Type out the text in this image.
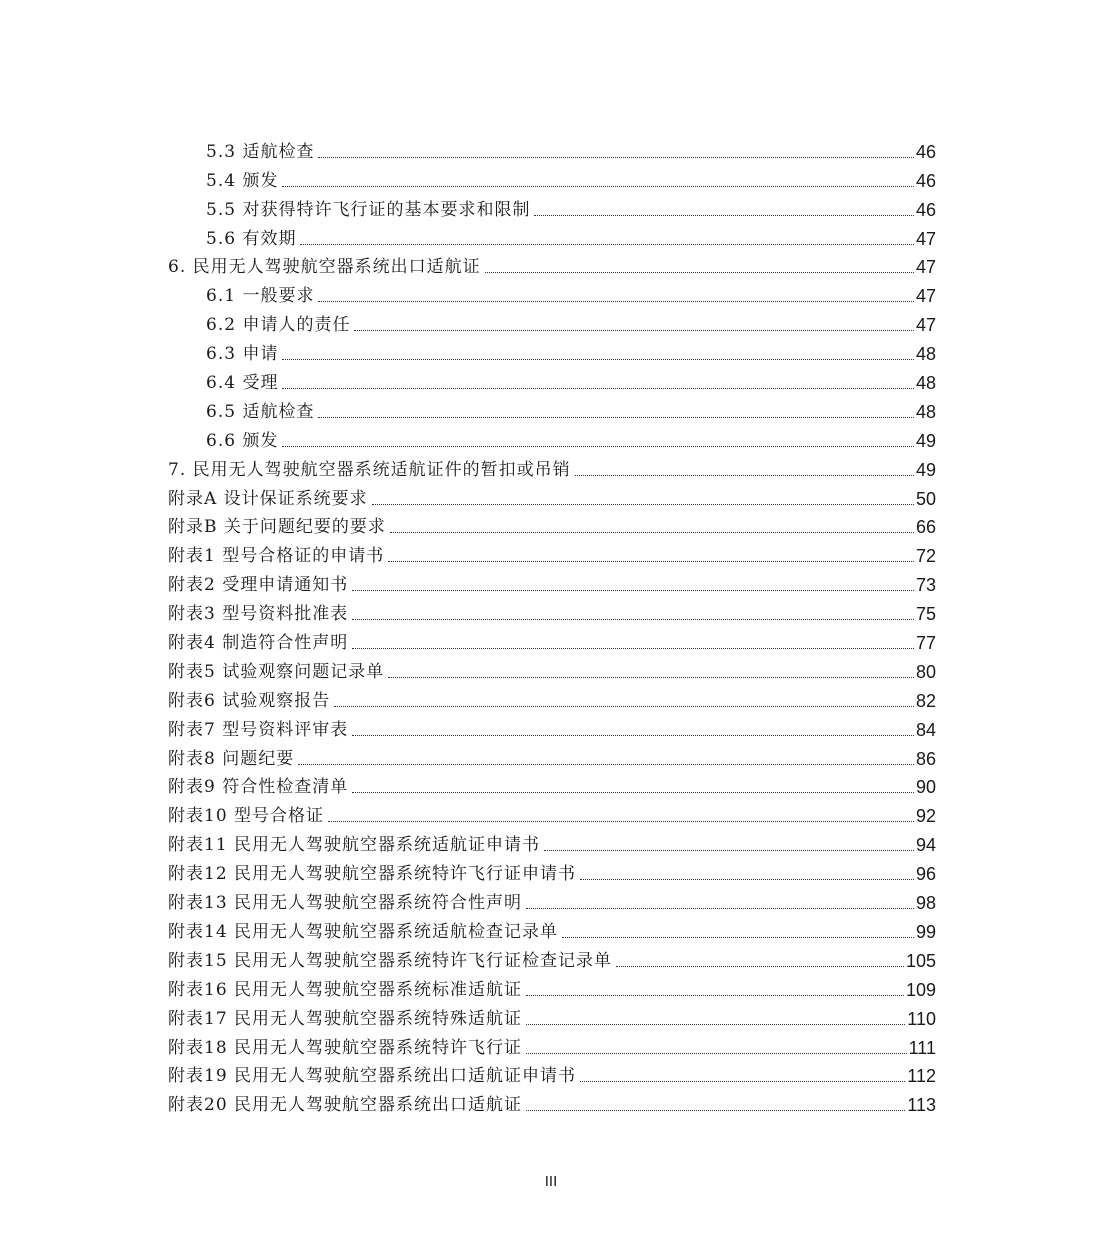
5.3 适航检查	46
5.4 颁发	46
5.5 对获得特许飞行证的基本要求和限制	46
5.6 有效期	47
6. 民用无人驾驶航空器系统出口适航证	47
6.1 一般要求	47
6.2 申请人的责任	47
6.3 申请	48
6.4 受理	48
6.5 适航检查	48
6.6 颁发	49
7. 民用无人驾驶航空器系统适航证件的暂扣或吊销	49
附录A 设计保证系统要求	50
附录B 关于问题纪要的要求	66
附表1 型号合格证的申请书	72
附表2 受理申请通知书	73
附表3 型号资料批准表	75
附表4 制造符合性声明	77
附表5 试验观察问题记录单	80
附表6 试验观察报告	82
附表7 型号资料评审表	84
附表8 问题纪要	86
附表9 符合性检查清单	90
附表10 型号合格证	92
附表11 民用无人驾驶航空器系统适航证申请书	94
附表12 民用无人驾驶航空器系统特许飞行证申请书	96
附表13 民用无人驾驶航空器系统符合性声明	98
附表14 民用无人驾驶航空器系统适航检查记录单	99
附表15 民用无人驾驶航空器系统特许飞行证检查记录单	105
附表16 民用无人驾驶航空器系统标准适航证	109
附表17 民用无人驾驶航空器系统特殊适航证	110
附表18 民用无人驾驶航空器系统特许飞行证	111
附表19 民用无人驾驶航空器系统出口适航证申请书	112
附表20 民用无人驾驶航空器系统出口适航证	113
III
